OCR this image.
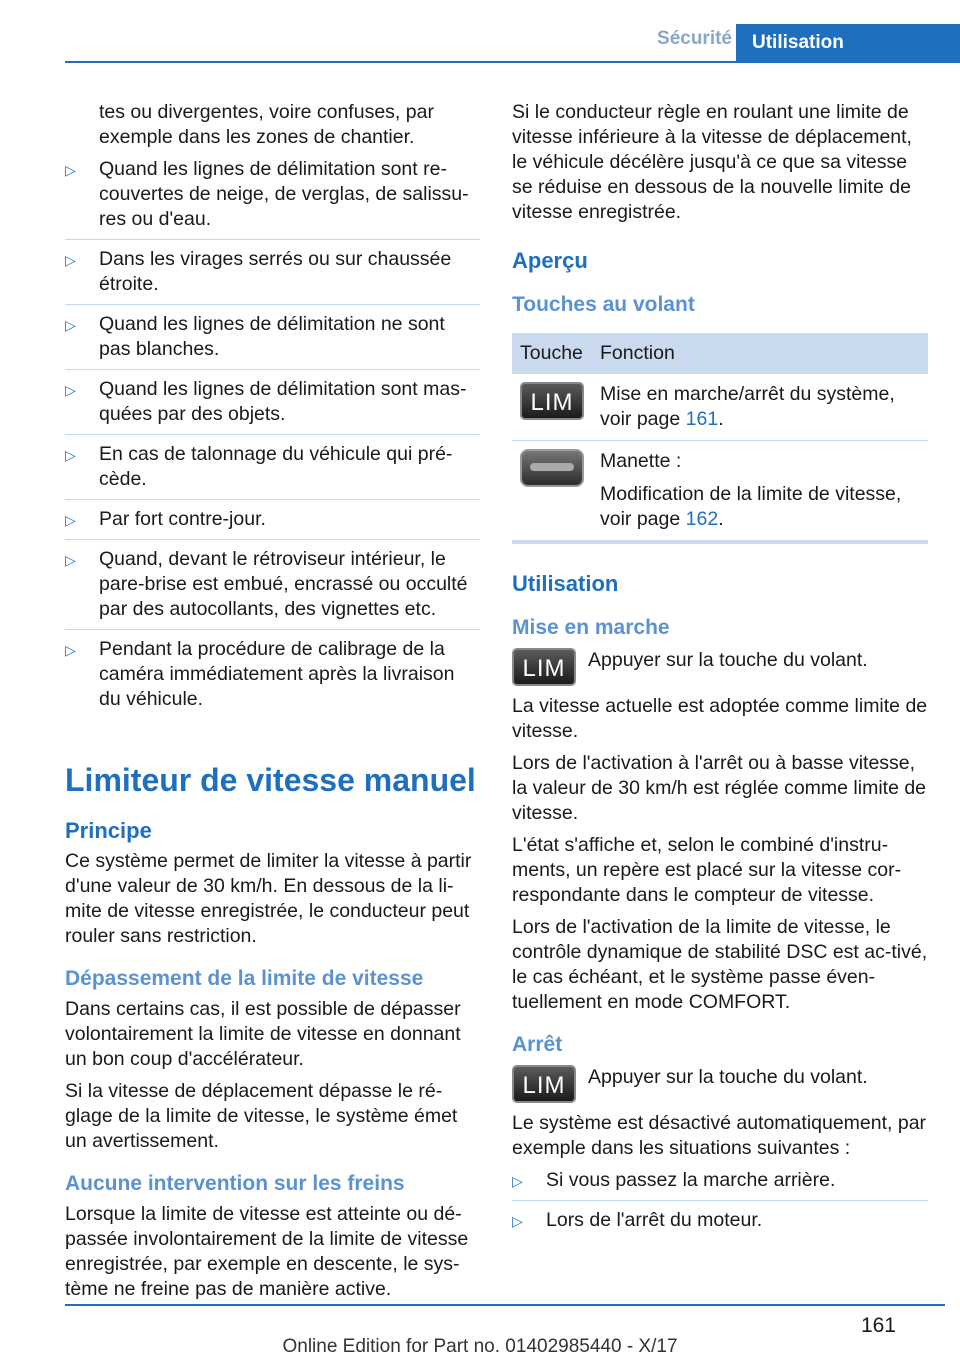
Sécurité	Utilisation

tes ou divergentes, voire confuses, par exemple dans les zones de chantier.

▷ Quand les lignes de délimitation sont re-couvertes de neige, de verglas, de salissu-res ou d'eau.
▷ Dans les virages serrés ou sur chaussée étroite.
▷ Quand les lignes de délimitation ne sont pas blanches.
▷ Quand les lignes de délimitation sont mas-quées par des objets.
▷ En cas de talonnage du véhicule qui pré-cède.
▷ Par fort contre-jour.
▷ Quand, devant le rétroviseur intérieur, le pare-brise est embué, encrassé ou occulté par des autocollants, des vignettes etc.
▷ Pendant la procédure de calibrage de la caméra immédiatement après la livraison du véhicule.
Limiteur de vitesse manuel
Principe

Ce système permet de limiter la vitesse à partir d'une valeur de 30 km/h. En dessous de la li-mite de vitesse enregistrée, le conducteur peut rouler sans restriction.

Dépassement de la limite de vitesse

Dans certains cas, il est possible de dépasser volontairement la limite de vitesse en donnant un bon coup d'accélérateur.

Si la vitesse de déplacement dépasse le ré-glage de la limite de vitesse, le système émet un avertissement.

Aucune intervention sur les freins

Lorsque la limite de vitesse est atteinte ou dé-passée involontairement de la limite de vitesse enregistrée, par exemple en descente, le sys-tème ne freine pas de manière active.

Si le conducteur règle en roulant une limite de vitesse inférieure à la vitesse de déplacement, le véhicule décélère jusqu'à ce que sa vitesse se réduise en dessous de la nouvelle limite de vitesse enregistrée.

Aperçu
Touches au volant
Touche	Fonction
LIM	Mise en marche/arrêt du système, voir page 161.

	Manette :

Modification de la limite de vitesse, voir page 162.
Utilisation
Mise en marche
LIM	Appuyer sur la touche du volant.

La vitesse actuelle est adoptée comme limite de vitesse.

Lors de l'activation à l'arrêt ou à basse vitesse, la valeur de 30 km/h est réglée comme limite de vitesse.

L'état s'affiche et, selon le combiné d'instru-ments, un repère est placé sur la vitesse cor-respondante dans le compteur de vitesse.

Lors de l'activation de la limite de vitesse, le contrôle dynamique de stabilité DSC est ac-tivé, le cas échéant, et le système passe éven-tuellement en mode COMFORT.

Arrêt
LIM	Appuyer sur la touche du volant.

Le système est désactivé automatiquement, par exemple dans les situations suivantes :

▷ Si vous passez la marche arrière.
▷ Lors de l'arrêt du moteur.
161
Online Edition for Part no. 01402985440 - X/17
